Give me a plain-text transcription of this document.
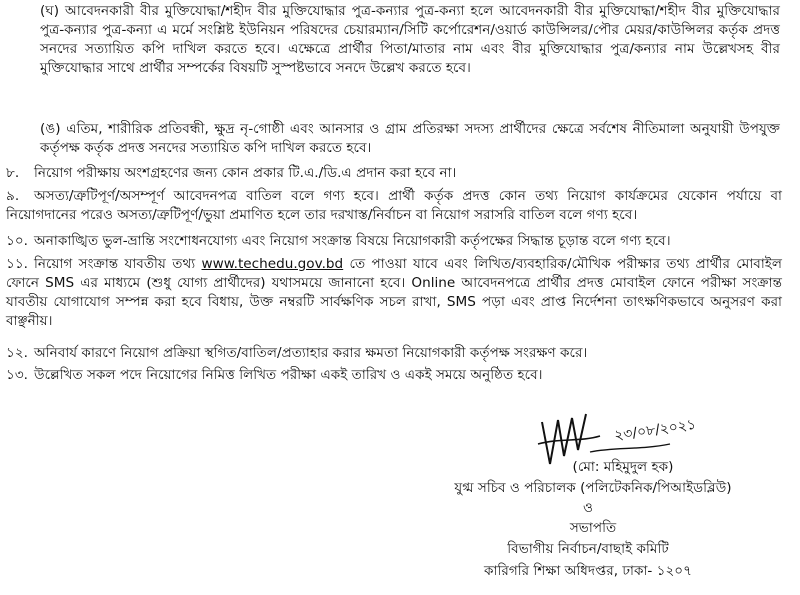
(ঘ) আবেদনকারী বীর মুক্তিযোদ্ধা/শহীদ বীর মুক্তিযোদ্ধার পুত্র-কন্যার পুত্র-কন্যা হলে আবেদনকারী বীর মুক্তিযোদ্ধা/শহীদ বীর মুক্তিযোদ্ধার পুত্র-কন্যার পুত্র-কন্যা এ মর্মে সংশ্লিষ্ট ইউনিয়ন পরিষদের চেয়ারম্যান/সিটি কর্পোরেশন/ওয়ার্ড কাউন্সিলর/পৌর মেয়র/কাউন্সিলর কর্তৃক প্রদত্ত সনদের সত্যায়িত কপি দাখিল করতে হবে। এক্ষেত্রে প্রার্থীর পিতা/মাতার নাম এবং বীর মুক্তিযোদ্ধার পুত্র/কন্যার নাম উল্লেখসহ বীর মুক্তিযোদ্ধার সাথে প্রার্থীর সম্পর্কের বিষয়টি সুস্পষ্টভাবে সনদে উল্লেখ করতে হবে।

(ঙ) এতিম, শারীরিক প্রতিবন্ধী, ক্ষুদ্র নৃ-গোষ্ঠী এবং আনসার ও গ্রাম প্রতিরক্ষা সদস্য প্রার্থীদের ক্ষেত্রে সর্বশেষ নীতিমালা অনুযায়ী উপযুক্ত কর্তৃপক্ষ কর্তৃক প্রদত্ত সনদের সত্যায়িত কপি দাখিল করতে হবে।

৮. নিয়োগ পরীক্ষায় অংশগ্রহণের জন্য কোন প্রকার টি.এ./ডি.এ প্রদান করা হবে না।

৯. অসত্য/ত্রুটিপূর্ণ/অসম্পূর্ণ আবেদনপত্র বাতিল বলে গণ্য হবে। প্রার্থী কর্তৃক প্রদত্ত কোন তথ্য নিয়োগ কার্যক্রমের যেকোন পর্যায়ে বা নিয়োগদানের পরেও অসত্য/ত্রুটিপূর্ণ/ভুয়া প্রমাণিত হলে তার দরখাস্ত/নির্বাচন বা নিয়োগ সরাসরি বাতিল বলে গণ্য হবে।

১০. অনাকাঙ্খিত ভুল-ভ্রান্তি সংশোধনযোগ্য এবং নিয়োগ সংক্রান্ত বিষয়ে নিয়োগকারী কর্তৃপক্ষের সিদ্ধান্ত চূড়ান্ত বলে গণ্য হবে।

১১. নিয়োগ সংক্রান্ত যাবতীয় তথ্য www.techedu.gov.bd তে পাওয়া যাবে এবং লিখিত/ব্যবহারিক/মৌখিক পরীক্ষার তথ্য প্রার্থীর মোবাইল ফোনে SMS এর মাধ্যমে (শুধু যোগ্য প্রার্থীদের) যথাসময়ে জানানো হবে। Online আবেদনপত্রে প্রার্থীর প্রদত্ত মোবাইল ফোনে পরীক্ষা সংক্রান্ত যাবতীয় যোগাযোগ সম্পন্ন করা হবে বিধায়, উক্ত নম্বরটি সার্বক্ষণিক সচল রাখা, SMS পড়া এবং প্রাপ্ত নির্দেশনা তাৎক্ষণিকভাবে অনুসরণ করা বাঞ্ছনীয়।

১২. অনিবার্য কারণে নিয়োগ প্রক্রিয়া স্থগিত/বাতিল/প্রত্যাহার করার ক্ষমতা নিয়োগকারী কর্তৃপক্ষ সংরক্ষণ করে।

১৩. উল্লেখিত সকল পদে নিয়োগের নিমিত্ত লিখিত পরীক্ষা একই তারিখ ও একই সময়ে অনুষ্ঠিত হবে।

২৩/০৮/২০২১
(মো: মহিমুদুল হক)
যুগ্ম সচিব ও পরিচালক (পলিটেকনিক/পিআইডব্লিউ)
ও
সভাপতি
বিভাগীয় নির্বাচন/বাছাই কমিটি
কারিগরি শিক্ষা অধিদপ্তর, ঢাকা- ১২০৭
